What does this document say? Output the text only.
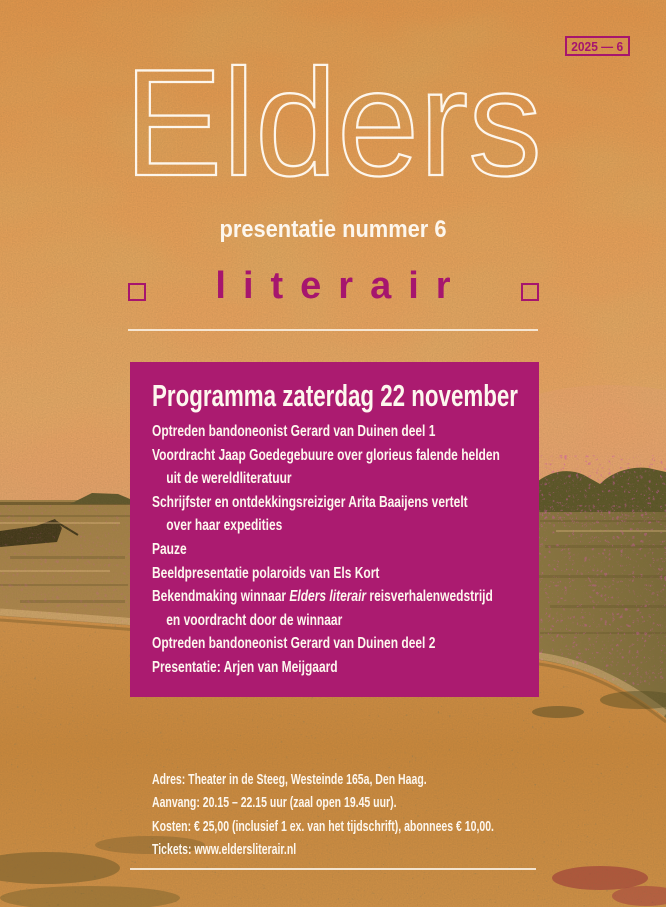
2025 — 6
Elders
presentatie nummer 6
literair
Programma zaterdag 22 november
Optreden bandoneonist Gerard van Duinen deel 1
Voordracht Jaap Goedegebuure over glorieus falende helden
uit de wereldliteratuur
Schrijfster en ontdekkingsreiziger Arita Baaijens vertelt
over haar expedities
Pauze
Beeldpresentatie polaroids van Els Kort
Bekendmaking winnaar Elders literair reisverhalenwedstrijd
en voordracht door de winnaar
Optreden bandoneonist Gerard van Duinen deel 2
Presentatie: Arjen van Meijgaard
Adres: Theater in de Steeg, Westeinde 165a, Den Haag.
Aanvang: 20.15 – 22.15 uur (zaal open 19.45 uur).
Kosten: € 25,00 (inclusief 1 ex. van het tijdschrift), abonnees € 10,00.
Tickets: www.eldersliterair.nl
